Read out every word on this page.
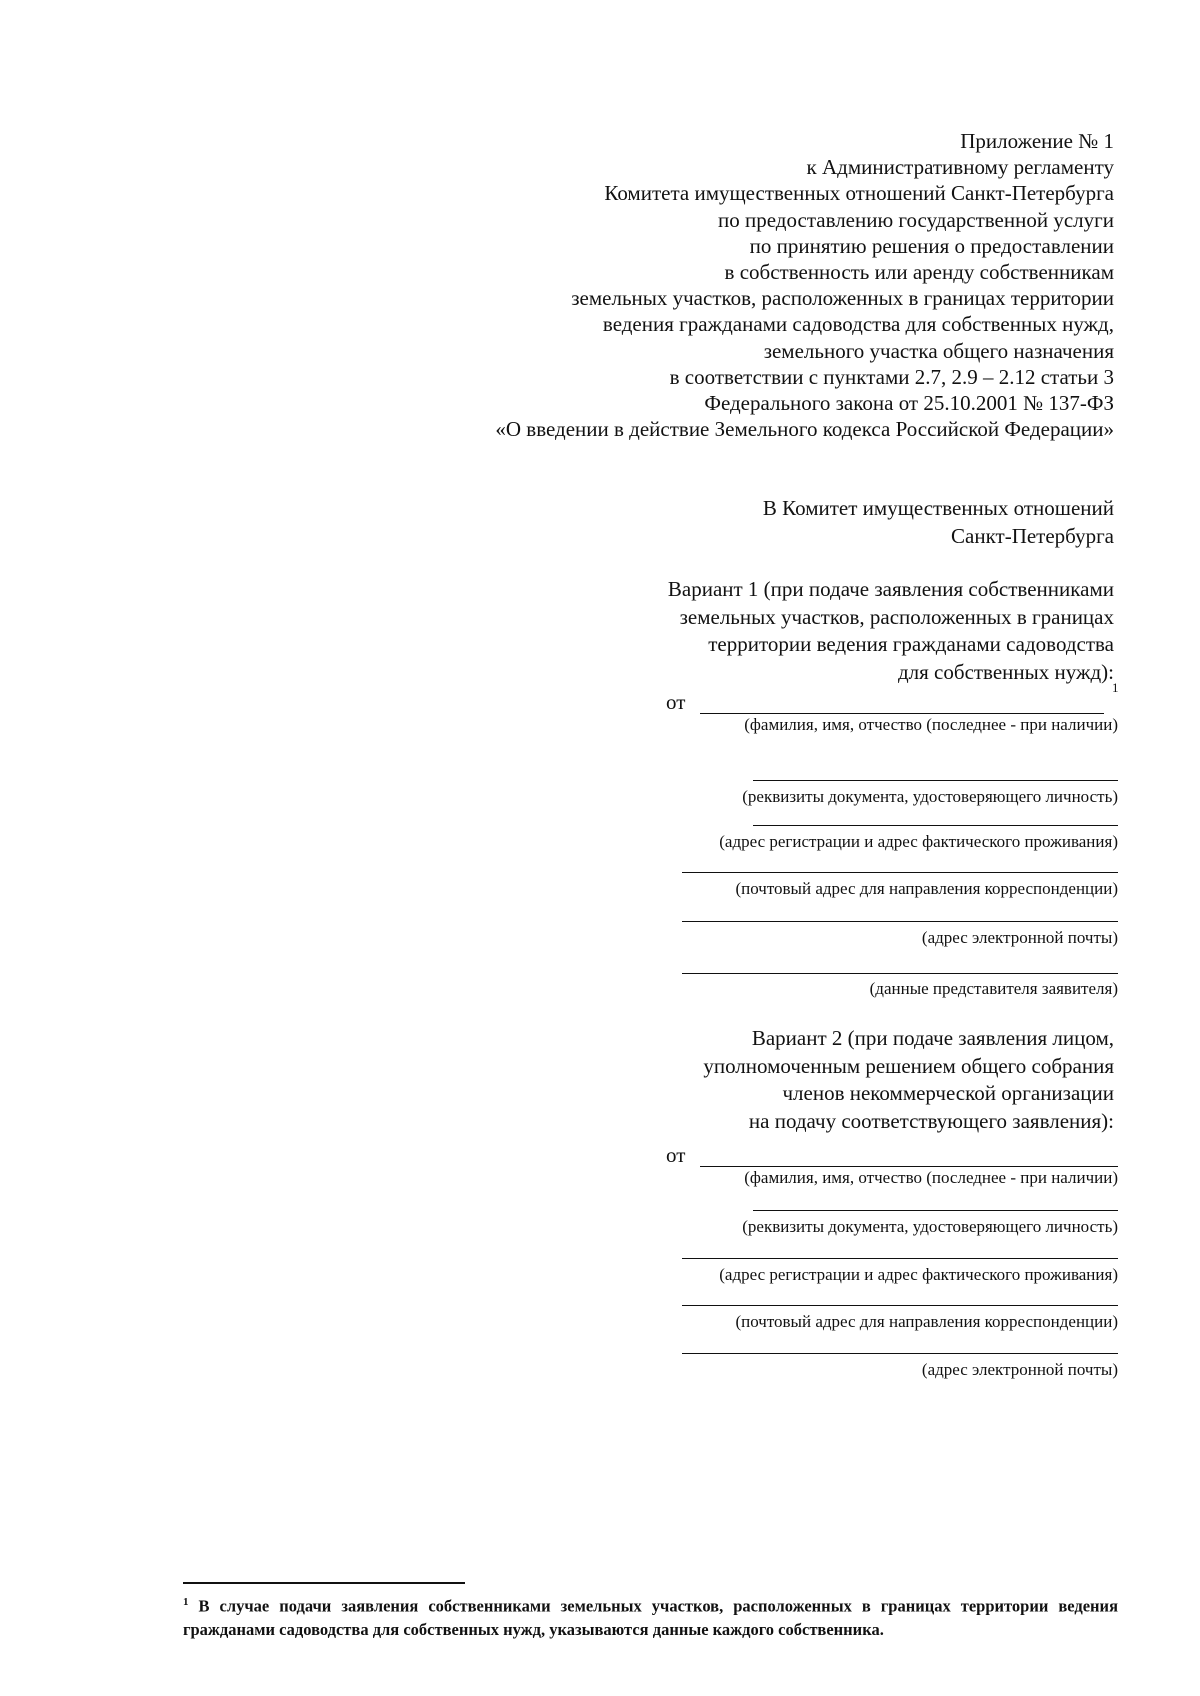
Приложение № 1
к Административному регламенту
Комитета имущественных отношений Санкт-Петербурга
по предоставлению государственной услуги
по принятию решения о предоставлении
в собственность или аренду собственникам
земельных участков, расположенных в границах территории
ведения гражданами садоводства для собственных нужд,
земельного участка общего назначения
в соответствии с пунктами 2.7, 2.9 – 2.12 статьи 3
Федерального закона от 25.10.2001 № 137-ФЗ
«О введении в действие Земельного кодекса Российской Федерации»
В Комитет имущественных отношений
Санкт-Петербурга
Вариант 1 (при подаче заявления собственниками
земельных участков, расположенных в границах
территории ведения гражданами садоводства
для собственных нужд):
от
1
(фамилия, имя, отчество (последнее - при наличии)
(реквизиты документа, удостоверяющего личность)
(адрес регистрации и адрес фактического проживания)
(почтовый адрес для направления корреспонденции)
(адрес электронной почты)
(данные представителя заявителя)
Вариант 2 (при подаче заявления лицом,
уполномоченным решением общего собрания
членов некоммерческой организации
на подачу соответствующего заявления):
от
(фамилия, имя, отчество (последнее - при наличии)
(реквизиты документа, удостоверяющего личность)
(адрес регистрации и адрес фактического проживания)
(почтовый адрес для направления корреспонденции)
(адрес электронной почты)
$^1$ В случае подачи заявления собственниками земельных участков, расположенных в границах территории ведения гражданами садоводства для собственных нужд, указываются данные каждого собственника.
